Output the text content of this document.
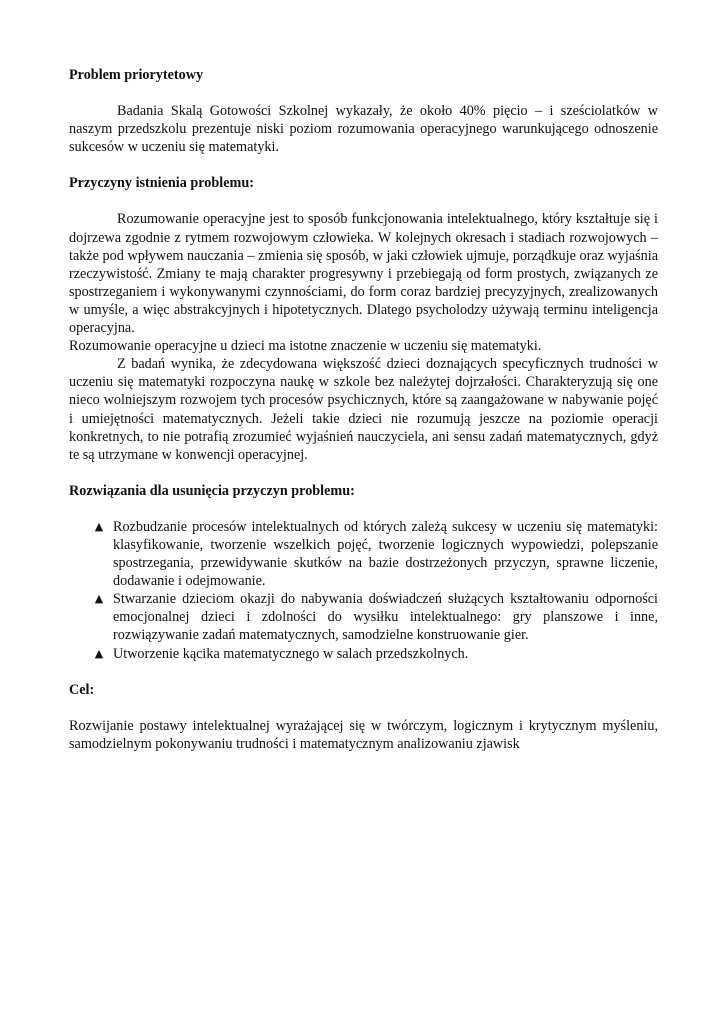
Problem priorytetowy

Badania Skalą Gotowości Szkolnej wykazały, że około 40% pięcio – i sześciolatków w naszym przedszkolu prezentuje niski poziom rozumowania operacyjnego warunkującego odnoszenie sukcesów w uczeniu się matematyki.

Przyczyny istnienia problemu:

Rozumowanie operacyjne jest to sposób funkcjonowania intelektualnego, który kształtuje się i dojrzewa zgodnie z rytmem rozwojowym człowieka. W kolejnych okresach i stadiach rozwojowych – także pod wpływem nauczania – zmienia się sposób, w jaki człowiek ujmuje, porządkuje oraz wyjaśnia rzeczywistość. Zmiany te mają charakter progresywny i przebiegają od form prostych, związanych ze spostrzeganiem i wykonywanymi czynnościami, do form coraz bardziej precyzyjnych, zrealizowanych w umyśle, a więc abstrakcyjnych i hipotetycznych. Dlatego psycholodzy używają terminu inteligencja operacyjna.

Rozumowanie operacyjne u dzieci ma istotne znaczenie w uczeniu się matematyki.

Z badań wynika, że zdecydowana większość dzieci doznających specyficznych trudności w uczeniu się matematyki rozpoczyna naukę w szkole bez należytej dojrzałości. Charakteryzują się one nieco wolniejszym rozwojem tych procesów psychicznych, które są zaangażowane w nabywanie pojęć i umiejętności matematycznych. Jeżeli takie dzieci nie rozumują jeszcze na poziomie operacji konkretnych, to nie potrafią zrozumieć wyjaśnień nauczyciela, ani sensu zadań matematycznych, gdyż te są utrzymane w konwencji operacyjnej.

Rozwiązania dla usunięcia przyczyn problemu:
▲ Rozbudzanie procesów intelektualnych od których zależą sukcesy w uczeniu się matematyki: klasyfikowanie, tworzenie wszelkich pojęć, tworzenie logicznych wypowiedzi, polepszanie spostrzegania, przewidywanie skutków na bazie dostrzeżonych przyczyn, sprawne liczenie, dodawanie i odejmowanie.
▲ Stwarzanie dzieciom okazji do nabywania doświadczeń służących kształtowaniu odporności emocjonalnej dzieci i zdolności do wysiłku intelektualnego: gry planszowe i inne, rozwiązywanie zadań matematycznych, samodzielne konstruowanie gier.
▲ Utworzenie kącika matematycznego w salach przedszkolnych.
Cel:

Rozwijanie postawy intelektualnej wyrażającej się w twórczym, logicznym i krytycznym myśleniu, samodzielnym pokonywaniu trudności i matematycznym analizowaniu zjawisk
